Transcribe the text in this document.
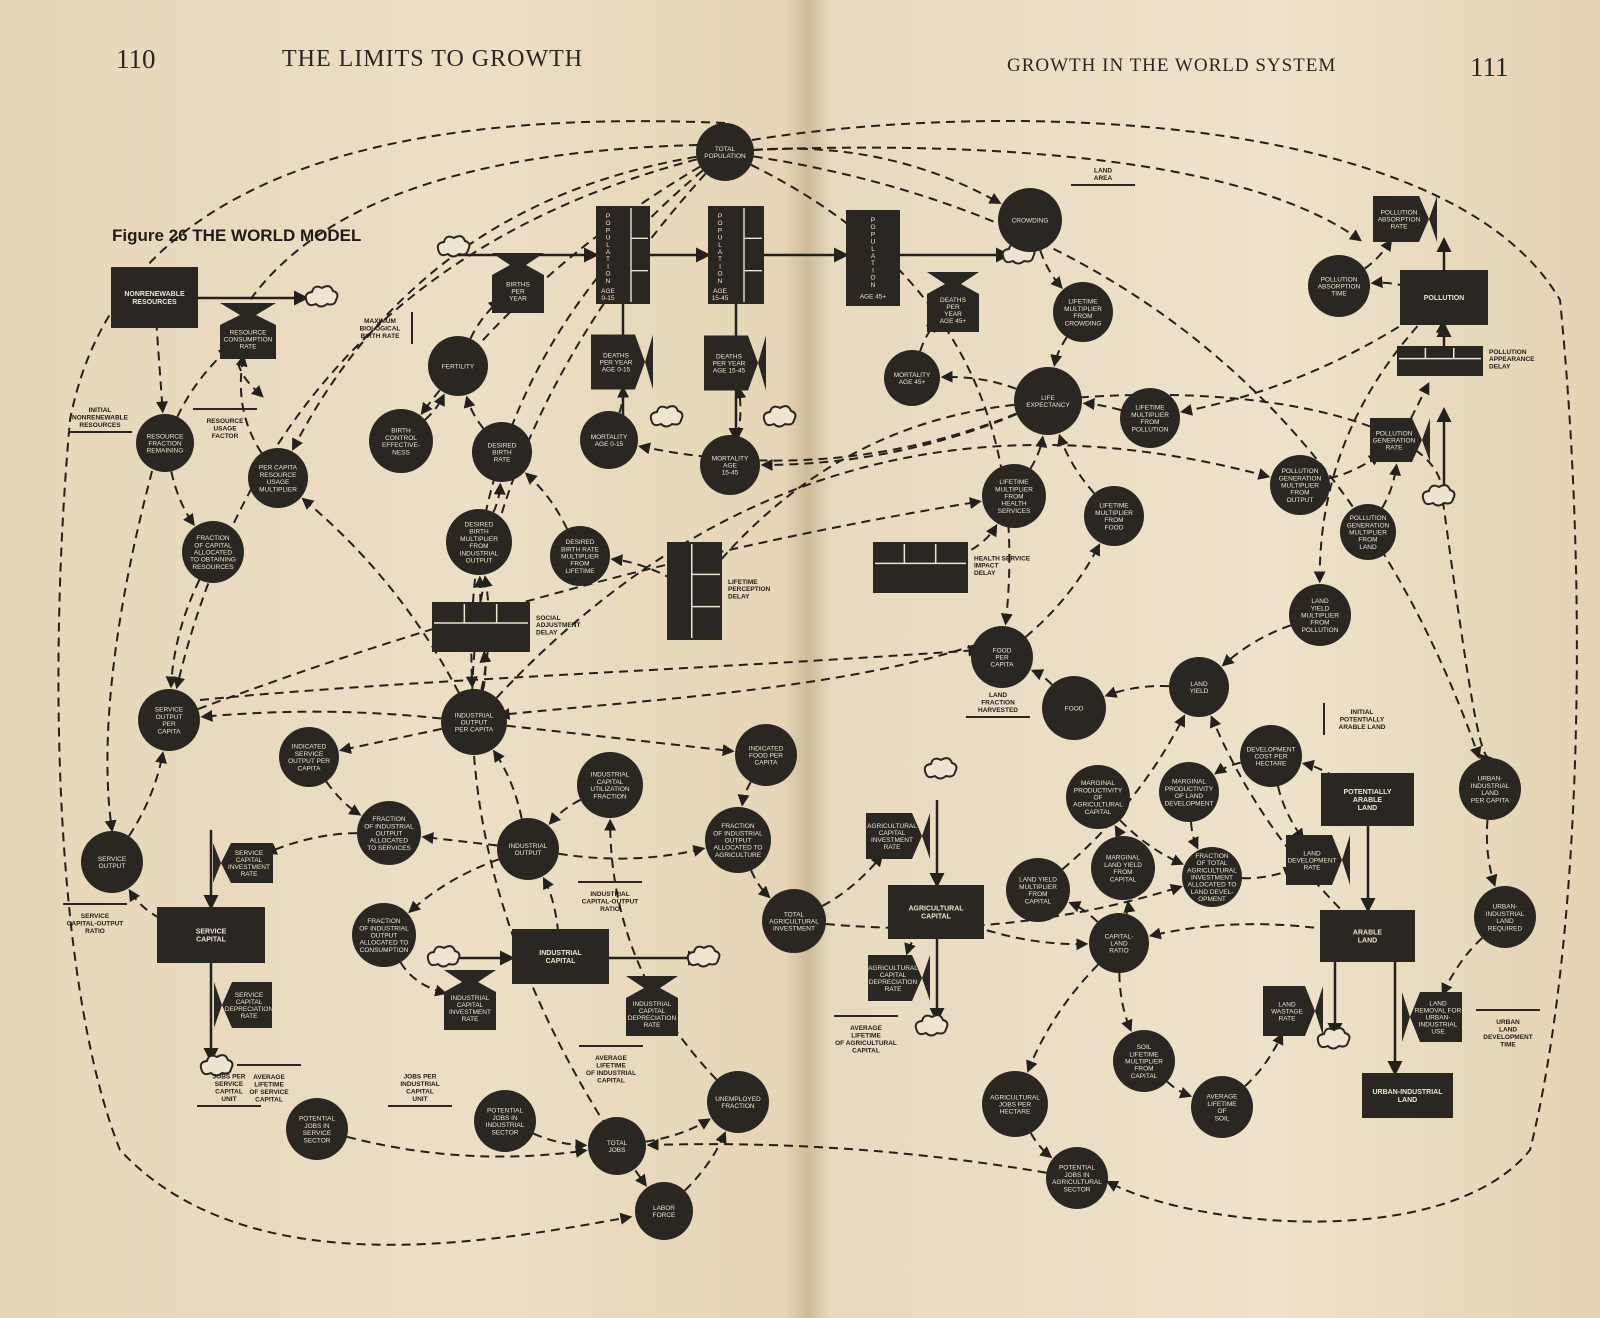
110	THE LIMITS TO GROWTH	GROWTH IN THE WORLD SYSTEM	111
TOTAL POPULATION
CROWDING
LIFETIME MULTIPLIER FROM CROWDING
LIFE EXPECTANCY
MORTALITY AGE 45+
LIFETIME MULTIPLIER FROM POLLUTION
LIFETIME MULTIPLIER FROM HEALTH SERVICES
LIFETIME MULTIPLIER FROM FOOD
MORTALITY AGE 0-15
MORTALITY AGE 15-45
FERTILITY
BIRTH CONTROL EFFECTIVE-NESS
DESIRED BIRTH RATE
DESIRED BIRTH MULTIPLIER FROM INDUSTRIAL OUTPUT
DESIRED BIRTH RATE MULTIPLIER FROM LIFETIME
RESOURCE FRACTION REMAINING
PER CAPITA RESOURCE USAGE MULTIPLIER
FRACTION OF CAPITAL ALLOCATED TO OBTAINING RESOURCES
SERVICE OUTPUT PER CAPITA
INDUSTRIAL OUTPUT PER CAPITA
INDICATED SERVICE OUTPUT PER CAPITA
INDICATED FOOD PER CAPITA
INDUSTRIAL CAPITAL UTILIZATION FRACTION
FRACTION OF INDUSTRIAL OUTPUT ALLOCATED TO SERVICES	INDUSTRIAL OUTPUT
FRACTION OF INDUSTRIAL OUTPUT ALLOCATED TO AGRICULTURE
SERVICE OUTPUT
TOTAL AGRICULTURAL INVESTMENT
FRACTION OF INDUSTRIAL OUTPUT ALLOCATED TO CONSUMPTION
POTENTIAL JOBS IN SERVICE SECTOR
POTENTIAL JOBS IN INDUSTRIAL SECTOR
TOTAL JOBS
UNEMPLOYED FRACTION
LABOR FORCE
POLLUTION ABSORPTION TIME
POLLUTION GENERATION MULTIPLIER FROM OUTPUT
POLLUTION GENERATION MULTIPLIER FROM LAND
LAND YIELD MULTIPLIER FROM POLLUTION
FOOD PER CAPITA
FOOD
LAND YIELD
DEVELOPMENT COST PER HECTARE
MARGINAL PRODUCTIVITY OF AGRICULTURAL CAPITAL
MARGINAL PRODUCTIVITY OF LAND DEVELOPMENT
URBAN-INDUSTRIAL LAND PER CAPITA
MARGINAL LAND YIELD FROM CAPITAL
FRACTION OF TOTAL AGRICULTURAL INVESTMENT ALLOCATED TO LAND DEVEL-OPMENT
LAND YIELD MULTIPLIER FROM CAPITAL
CAPITAL-LAND RATIO
URBAN-INDUSTRIAL LAND REQUIRED
SOIL LIFETIME MULTIPLIER FROM CAPITAL
AVERAGE LIFETIME OF SOIL
AGRICULTURAL JOBS PER HECTARE
POTENTIAL JOBS IN AGRICULTURAL SECTOR
NONRENEWABLE RESOURCES
POLLUTION
SERVICE CAPITAL
INDUSTRIAL CAPITAL
AGRICULTURAL CAPITAL
POTENTIALLY ARABLE LAND
ARABLE LAND
URBAN-INDUSTRIAL LAND
P O P U L A T I O N
AGE 0-15
P O P U L A T I O N
AGE 15-45
P O P U L A T I O N
AGE 45+
SOCIAL ADJUSTMENT DELAY
LIFETIME PERCEPTION DELAY
HEALTH SERVICE IMPACT DELAY
POLLUTION APPEARANCE DELAY
RESOURCE CONSUMPTION RATE
BIRTHS PER YEAR
DEATHS PER YEAR AGE 0-15
DEATHS PER YEAR AGE 15-45
DEATHS PER YEAR AGE 45+
POLLUTION ABSORPTION RATE
POLLUTION GENERATION RATE
SERVICE CAPITAL INVESTMENT RATE
SERVICE CAPITAL DEPRECIATION RATE
INDUSTRIAL CAPITAL INVESTMENT RATE
INDUSTRIAL CAPITAL DEPRECIATION RATE
AGRICULTURAL CAPITAL INVESTMENT RATE
AGRICULTURAL CAPITAL DEPRECIATION RATE
LAND DEVELOPMENT RATE
LAND WASTAGE RATE
LAND REMOVAL FOR URBAN-INDUSTRIAL USE
INITIAL NONRENEWABLE RESOURCES
RESOURCE USAGE FACTOR
MAXIMUM BIOLOGICAL BIRTH RATE
LAND AREA
SERVICE CAPITAL-OUTPUT RATIO
INDUSTRIAL CAPITAL-OUTPUT RATIO
AVERAGE LIFETIME OF SERVICE CAPITAL
AVERAGE LIFETIME OF INDUSTRIAL CAPITAL
JOBS PER SERVICE CAPITAL UNIT
JOBS PER INDUSTRIAL CAPITAL UNIT
AVERAGE LIFETIME OF AGRICULTURAL CAPITAL
LAND FRACTION HARVESTED	INITIAL POTENTIALLY ARABLE LAND
URBAN LAND DEVELOPMENT TIME
Figure 26 THE WORLD MODEL
